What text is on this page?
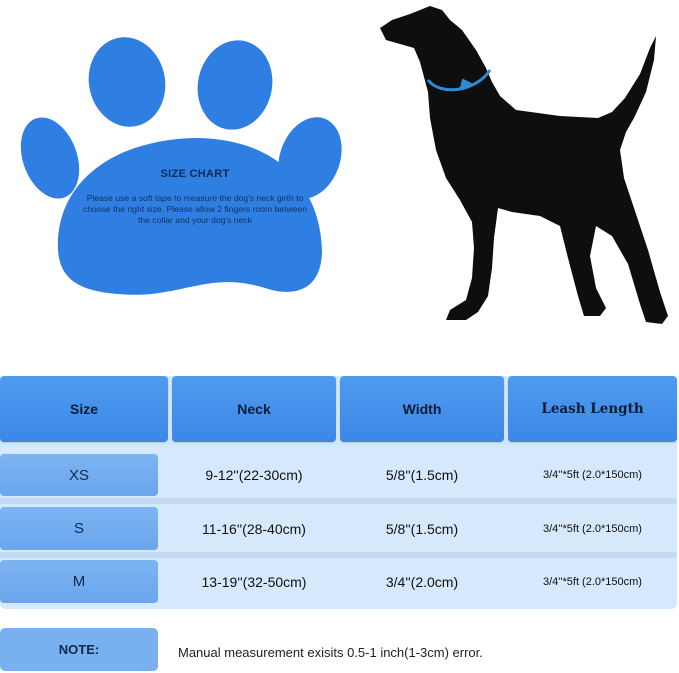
SIZE CHART
Please use a soft tape to measure the dog's neck girth to choose the right size. Please allow 2 fingers room between the collar and your dog's neck
Size	Neck	Width	Leash Length
XS	9-12''(22-30cm)	5/8''(1.5cm)	3/4''*5ft (2.0*150cm)
S	11-16''(28-40cm)	5/8''(1.5cm)	3/4''*5ft (2.0*150cm)
M	13-19''(32-50cm)	3/4''(2.0cm)	3/4''*5ft (2.0*150cm)
NOTE:	Manual measurement exisits 0.5-1 inch(1-3cm) error.
